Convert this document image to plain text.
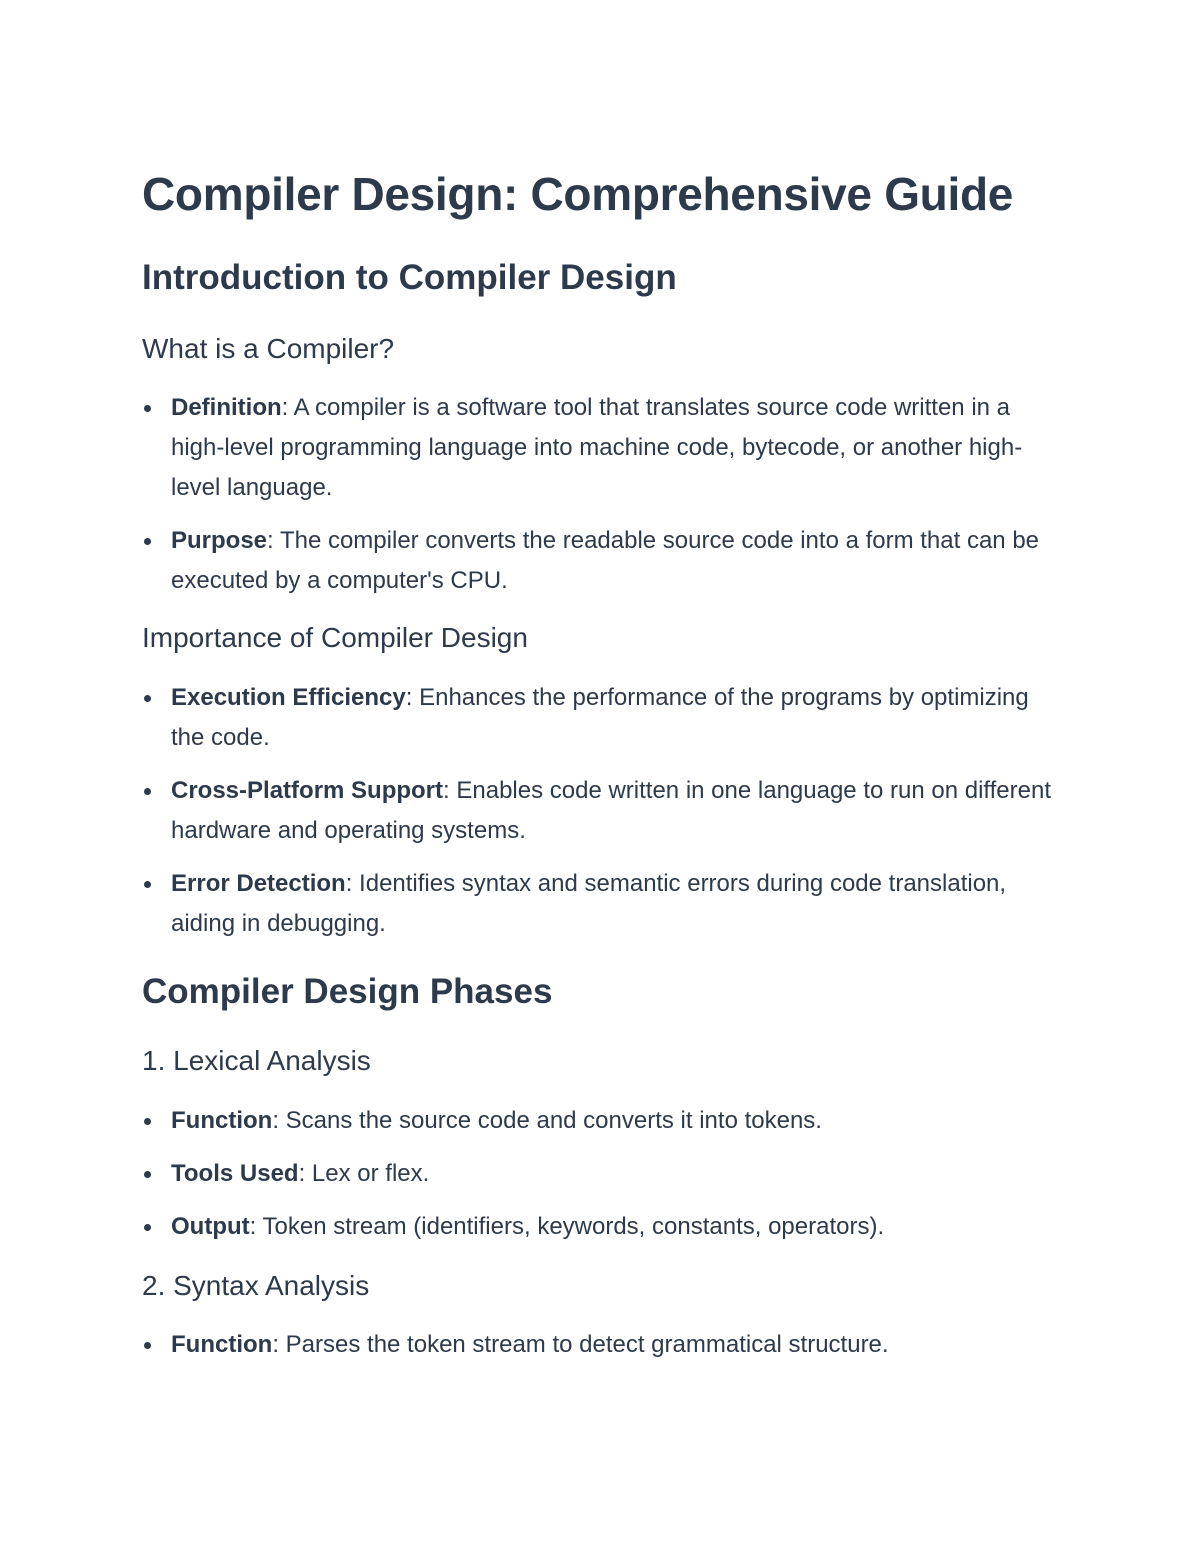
Compiler Design: Comprehensive Guide
Introduction to Compiler Design
What is a Compiler?
Definition: A compiler is a software tool that translates source code written in a high-level programming language into machine code, bytecode, or another high-level language.
Purpose: The compiler converts the readable source code into a form that can be executed by a computer's CPU.
Importance of Compiler Design
Execution Efficiency: Enhances the performance of the programs by optimizing the code.
Cross-Platform Support: Enables code written in one language to run on different hardware and operating systems.
Error Detection: Identifies syntax and semantic errors during code translation, aiding in debugging.
Compiler Design Phases
1. Lexical Analysis
Function: Scans the source code and converts it into tokens.
Tools Used: Lex or flex.
Output: Token stream (identifiers, keywords, constants, operators).
2. Syntax Analysis
Function: Parses the token stream to detect grammatical structure.
